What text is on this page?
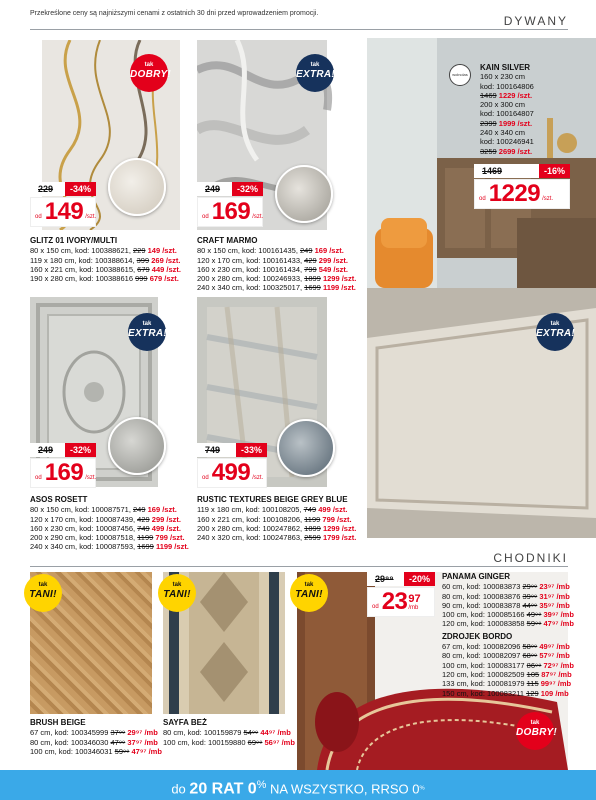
Przekreślone ceny są najniższymi cenami z ostatnich 30 dni przed wprowadzeniem promocji.
DYWANY
tak
DOBRY!
229	-34%
od 149 /szt.
GLITZ 01 IVORY/MULTI
80 x 150 cm, kod: 100388621, 229 149 /szt.
119 x 180 cm, kod: 100388614, 399 269 /szt.
160 x 221 cm, kod: 100388615, 679 449 /szt.
190 x 280 cm, kod: 100388616 999 679 /szt.
tak
EXTRA!
249	-32%
od 169 /szt.
CRAFT MARMO
80 x 150 cm, kod: 100161435, 249 169 /szt.
120 x 170 cm, kod: 100161433, 429 299 /szt.
160 x 230 cm, kod: 100161434, 799 549 /szt.
200 x 280 cm, kod: 100246933, 1899 1299 /szt.
240 x 340 cm, kod: 100325017, 1699 1199 /szt.
wolnolas
KAIN SILVER
160 x 230 cm
kod: 100164806
1469 1229 /szt.
200 x 300 cm
kod: 100164807
2399 1999 /szt.
240 x 340 cm
kod: 100246941
3259 2699 /szt.
1469	-16%
od 1229 /szt.
tak
EXTRA!
tak
EXTRA!
249	-32%
od 169 /szt.
ASOS ROSETT
80 x 150 cm, kod: 100087571, 249 169 /szt.
120 x 170 cm, kod: 100087439, 429 299 /szt.
160 x 230 cm, kod: 100087456, 749 499 /szt.
200 x 290 cm, kod: 100087518, 1199 799 /szt.
240 x 340 cm, kod: 100087593, 1699 1199 /szt.
749	-33%
od 499 /szt.
RUSTIC TEXTURES BEIGE GREY BLUE
119 x 180 cm, kod: 100108205, 749 499 /szt.
160 x 221 cm, kod: 100108206, 1199 799 /szt.
200 x 280 cm, kod: 100247862, 1899 1299 /szt.
240 x 320 cm, kod: 100247863, 2599 1799 /szt.
CHODNIKI
tak
TANI!
BRUSH BEIGE
67 cm, kod: 100345999 37⁹⁹ 29⁹⁷ /mb
80 cm, kod: 100346030 47⁹⁹ 37⁹⁷ /mb
100 cm, kod: 100346031 59⁹⁹ 47⁹⁷ /mb
tak
TANI!
SAYFA BEŻ
80 cm, kod: 100159879 54⁹⁹ 44⁹⁷ /mb
100 cm, kod: 100159880 69⁹⁹ 56⁹⁷ /mb
tak
TANI!
29⁹⁹	-20%
od 23 97
/mb
tak
DOBRY!
PANAMA GINGER
60 cm, kod: 100083873 29⁹⁹ 23⁹⁷ /mb
80 cm, kod: 100083876 39⁹⁹ 31⁹⁷ /mb
90 cm, kod: 100083878 44⁹⁹ 35⁹⁷ /mb
100 cm, kod: 100085166 49⁹⁹ 39⁹⁷ /mb
120 cm, kod: 100083858 59⁹⁹ 47⁹⁷ /mb
ZDROJEK BORDO
67 cm, kod: 100082096 58⁹⁹ 49⁹⁷ /mb
80 cm, kod: 100082097 68⁹⁹ 57⁹⁷ /mb
100 cm, kod: 100083177 86⁹⁹ 72⁹⁷ /mb
120 cm, kod: 100082509 105 87⁹⁷ /mb
133 cm, kod: 100081979 115 99⁹⁷ /mb
150 cm, kod: 100083211 129 109 /mb
do 20 RAT 0% NA WSZYSTKO, RRSO 0%
